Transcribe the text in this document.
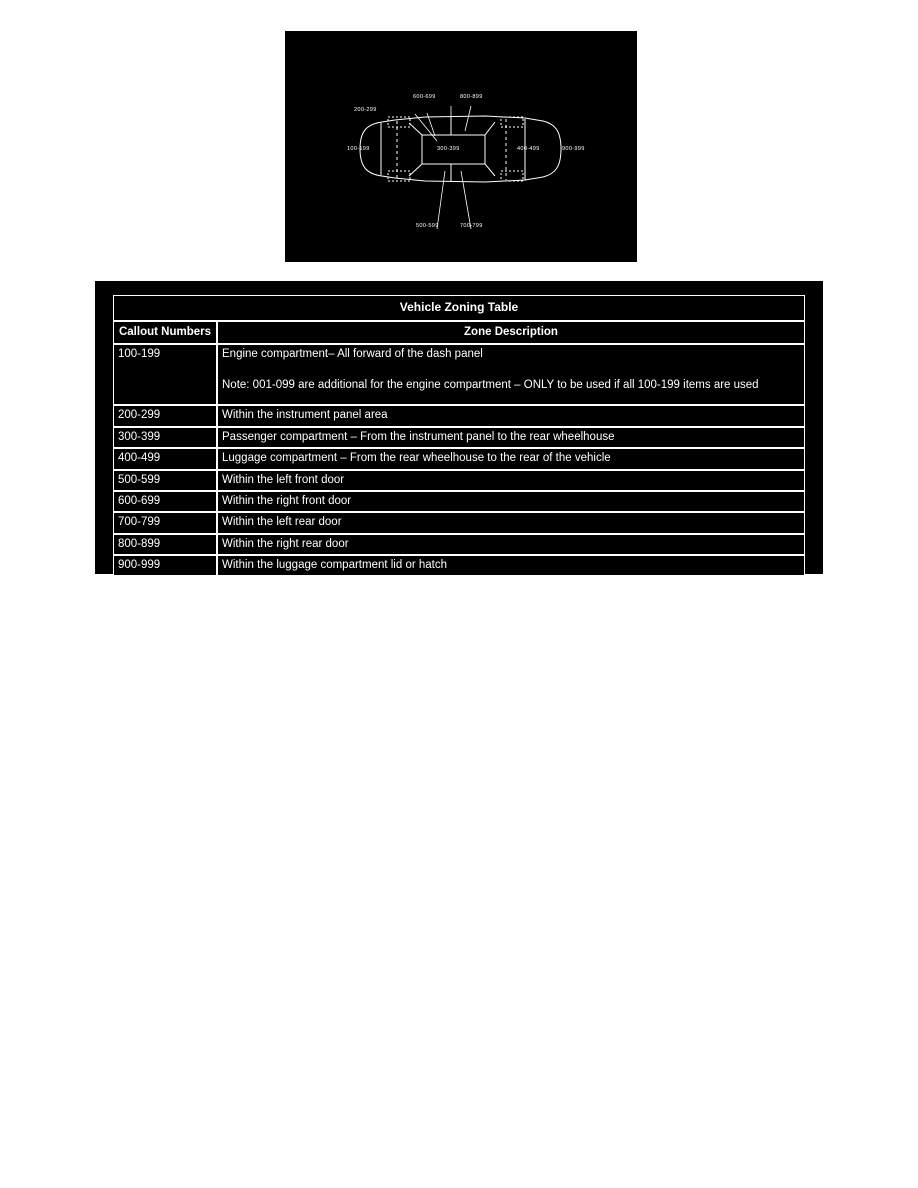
200-299
600-699	800-899
100-199	300-399	400-499	900-999
500-599	700-799
Vehicle Zoning Table	
Callout Numbers	Zone Description
100-199	Engine compartment– All forward of the dash panel
Note: 001-099 are additional for the engine compartment – ONLY to be used if all 100-199 items are used

200-299	Within the instrument panel area
300-399	Passenger compartment – From the instrument panel to the rear wheelhouse
400-499	Luggage compartment – From the rear wheelhouse to the rear of the vehicle
500-599	Within the left front door
600-699	Within the right front door
700-799	Within the left rear door
800-899	Within the right rear door
900-999	Within the luggage compartment lid or hatch
